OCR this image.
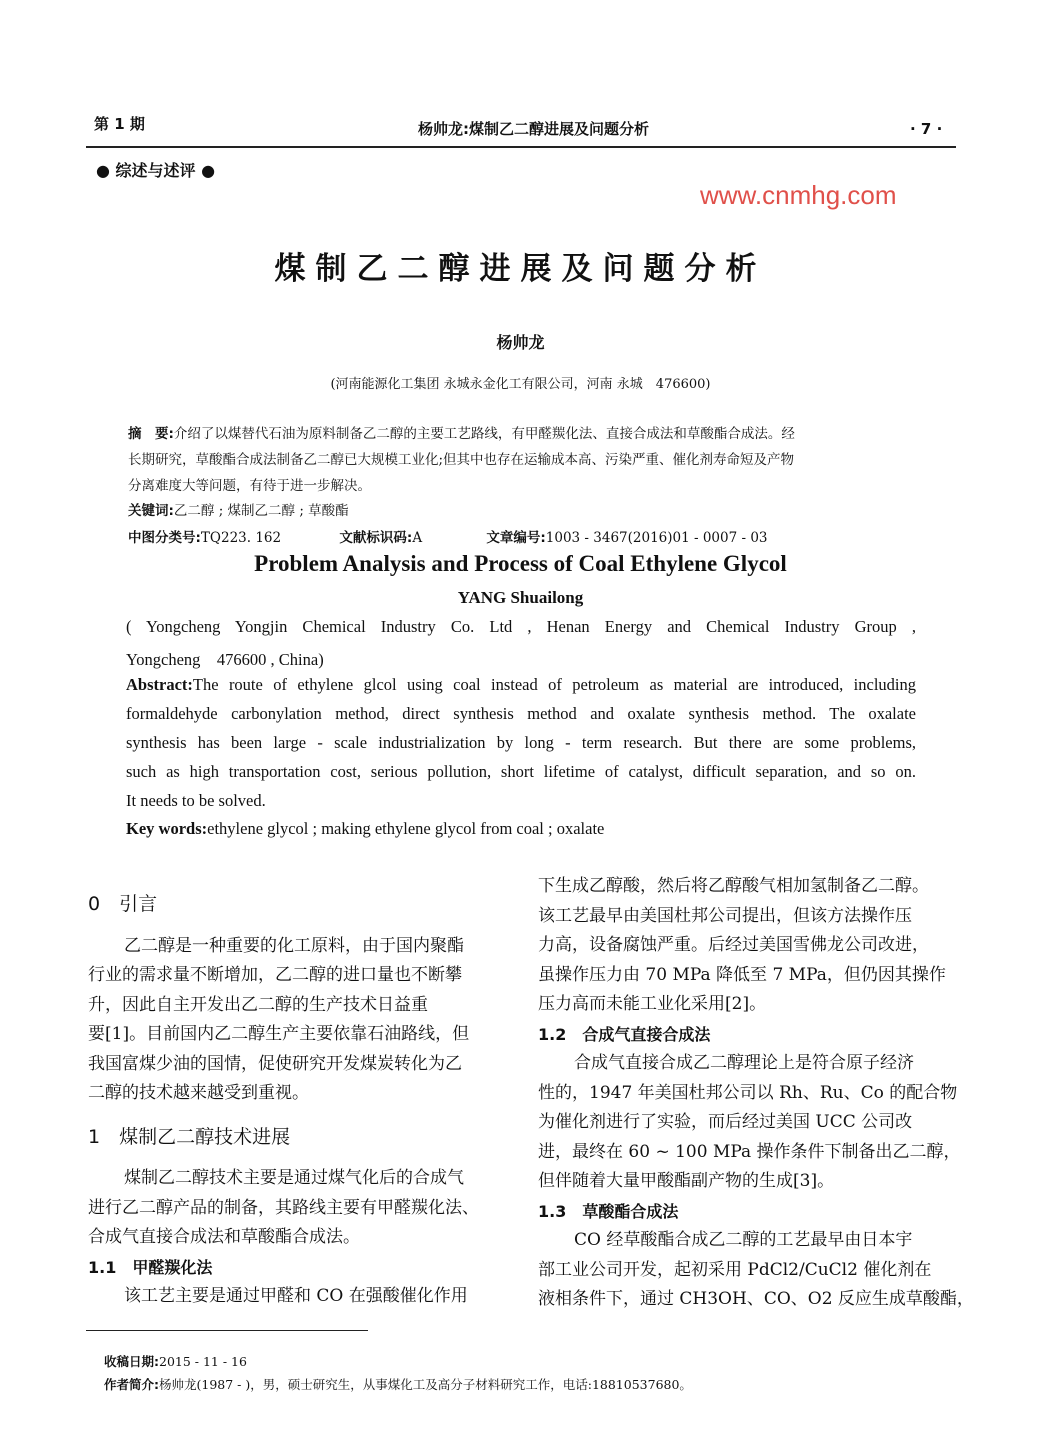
第 1 期	杨帅龙:煤制乙二醇进展及问题分析	· 7 ·
● 综述与述评 ●
煤制乙二醇进展及问题分析
杨帅龙
(河南能源化工集团 永城永金化工有限公司，河南 永城　476600)
摘　要:介绍了以煤替代石油为原料制备乙二醇的主要工艺路线，有甲醛羰化法、直接合成法和草酸酯合成法。经
长期研究，草酸酯合成法制备乙二醇已大规模工业化;但其中也存在运输成本高、污染严重、催化剂寿命短及产物
分离难度大等问题，有待于进一步解决。
关键词:乙二醇 ; 煤制乙二醇 ; 草酸酯
中图分类号:TQ223. 162	文献标识码:A	文章编号:1003 - 3467(2016)01 - 0007 - 03
Problem Analysis and Process of Coal Ethylene Glycol
YANG Shuailong
( Yongcheng Yongjin Chemical Industry Co. Ltd , Henan Energy and Chemical Industry Group ,
Yongcheng　476600 , China)
Abstract:The route of ethylene glcol using coal instead of petroleum as material are introduced, including
formaldehyde carbonylation method, direct synthesis method and oxalate synthesis method. The oxalate
synthesis has been large - scale industrialization by long - term research. But there are some problems,
such as high transportation cost, serious pollution, short lifetime of catalyst, difficult separation, and so on.
It needs to be solved.
Key words:ethylene glycol ; making ethylene glycol from coal ; oxalate

0　引言

乙二醇是一种重要的化工原料，由于国内聚酯

行业的需求量不断增加，乙二醇的进口量也不断攀

升，因此自主开发出乙二醇的生产技术日益重

要[1]。目前国内乙二醇生产主要依靠石油路线，但

我国富煤少油的国情，促使研究开发煤炭转化为乙

二醇的技术越来越受到重视。

1　煤制乙二醇技术进展

煤制乙二醇技术主要是通过煤气化后的合成气

进行乙二醇产品的制备，其路线主要有甲醛羰化法、

合成气直接合成法和草酸酯合成法。

1.1　甲醛羰化法

该工艺主要是通过甲醛和 CO 在强酸催化作用

下生成乙醇酸，然后将乙醇酸气相加氢制备乙二醇。

该工艺最早由美国杜邦公司提出，但该方法操作压

力高，设备腐蚀严重。后经过美国雪佛龙公司改进，

虽操作压力由 70 MPa 降低至 7 MPa，但仍因其操作

压力高而未能工业化采用[2]。

1.2　合成气直接合成法

合成气直接合成乙二醇理论上是符合原子经济

性的，1947 年美国杜邦公司以 Rh、Ru、Co 的配合物

为催化剂进行了实验，而后经过美国 UCC 公司改

进，最终在 60 ~ 100 MPa 操作条件下制备出乙二醇，

但伴随着大量甲酸酯副产物的生成[3]。

1.3　草酸酯合成法

CO 经草酸酯合成乙二醇的工艺最早由日本宇

部工业公司开发，起初采用 PdCl2/CuCl2 催化剂在

液相条件下，通过 CH3OH、CO、O2 反应生成草酸酯，

收稿日期:2015 - 11 - 16
作者简介:杨帅龙(1987 - )，男，硕士研究生，从事煤化工及高分子材料研究工作，电话:18810537680。
www.cnmhg.com
